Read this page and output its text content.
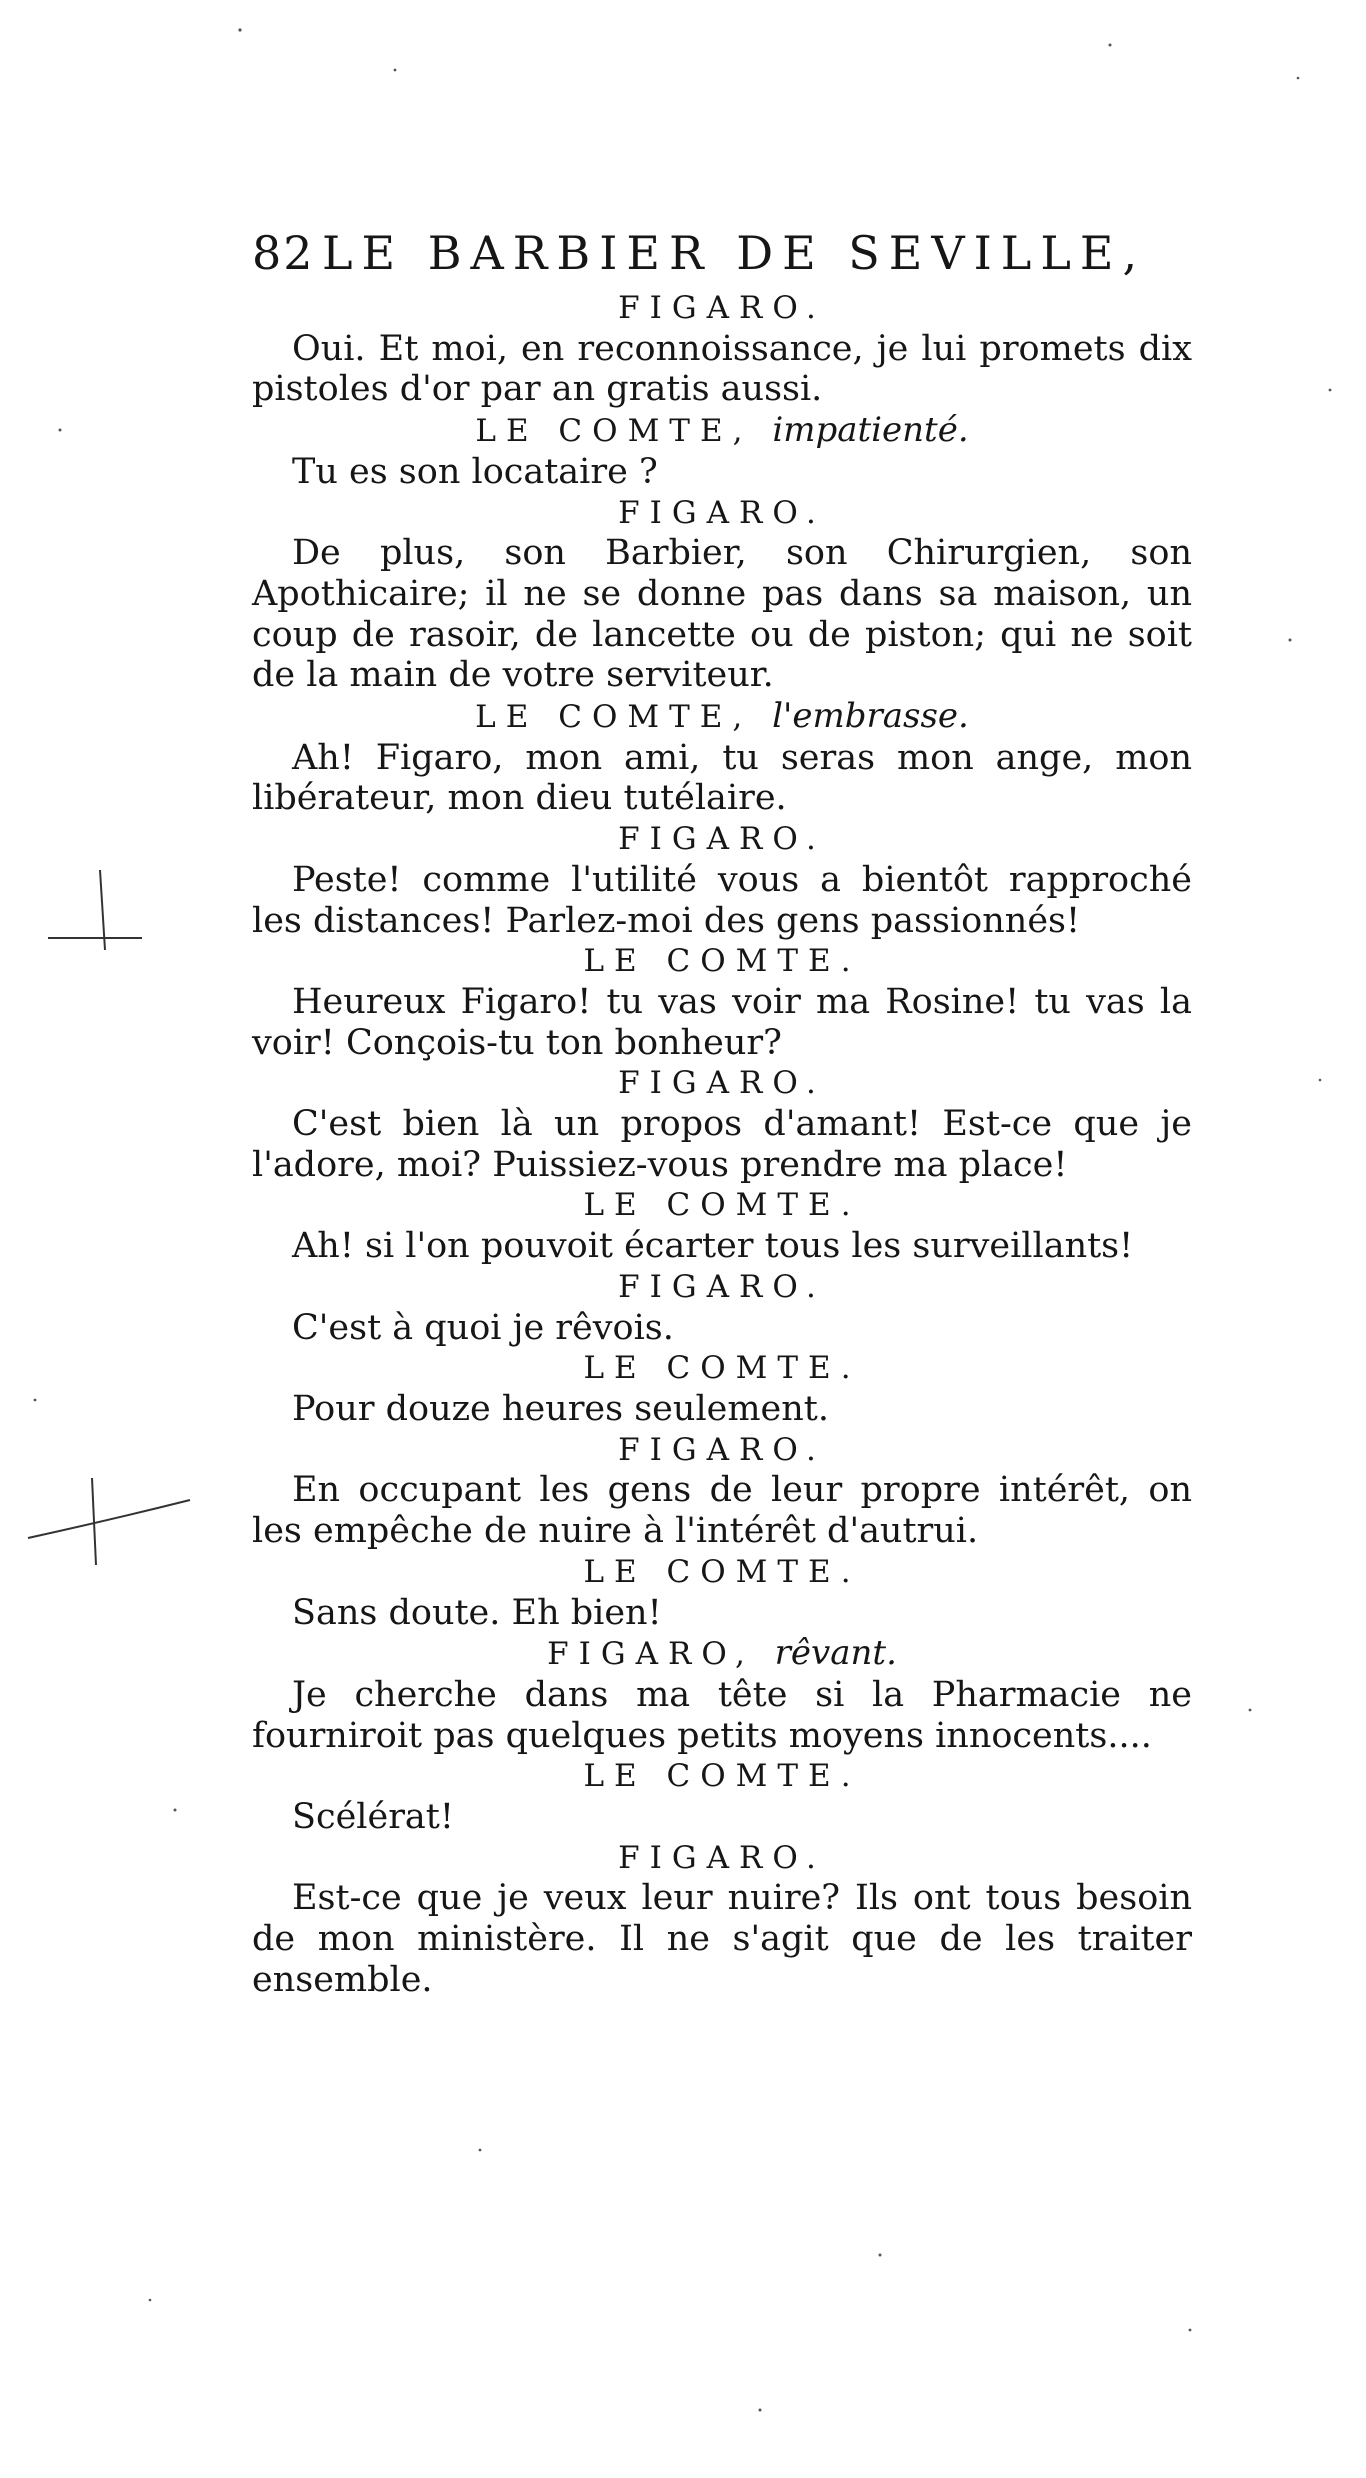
82 LE BARBIER DE SEVILLE,
FIGARO.
Oui. Et moi, en reconnoissance, je lui promets dix pistoles d'or par an gratis aussi.
LE COMTE, impatienté.
Tu es son locataire ?
FIGARO.
De plus, son Barbier, son Chirurgien, son Apothicaire; il ne se donne pas dans sa maison, un coup de rasoir, de lancette ou de piston; qui ne soit de la main de votre serviteur.
LE COMTE, l'embrasse.
Ah! Figaro, mon ami, tu seras mon ange, mon libérateur, mon dieu tutélaire.
FIGARO.
Peste! comme l'utilité vous a bientôt rapproché les distances! Parlez-moi des gens passionnés!
LE COMTE.
Heureux Figaro! tu vas voir ma Rosine! tu vas la voir! Conçois-tu ton bonheur?
FIGARO.
C'est bien là un propos d'amant! Est-ce que je l'adore, moi? Puissiez-vous prendre ma place!
LE COMTE.
Ah! si l'on pouvoit écarter tous les surveillants!
FIGARO.
C'est à quoi je rêvois.
LE COMTE.
Pour douze heures seulement.
FIGARO.
En occupant les gens de leur propre intérêt, on les empêche de nuire à l'intérêt d'autrui.
LE COMTE.
Sans doute. Eh bien!
FIGARO, rêvant.
Je cherche dans ma tête si la Pharmacie ne fourniroit pas quelques petits moyens innocents....
LE COMTE.
Scélérat!
FIGARO.
Est-ce que je veux leur nuire? Ils ont tous besoin de mon ministère. Il ne s'agit que de les traiter ensemble.
